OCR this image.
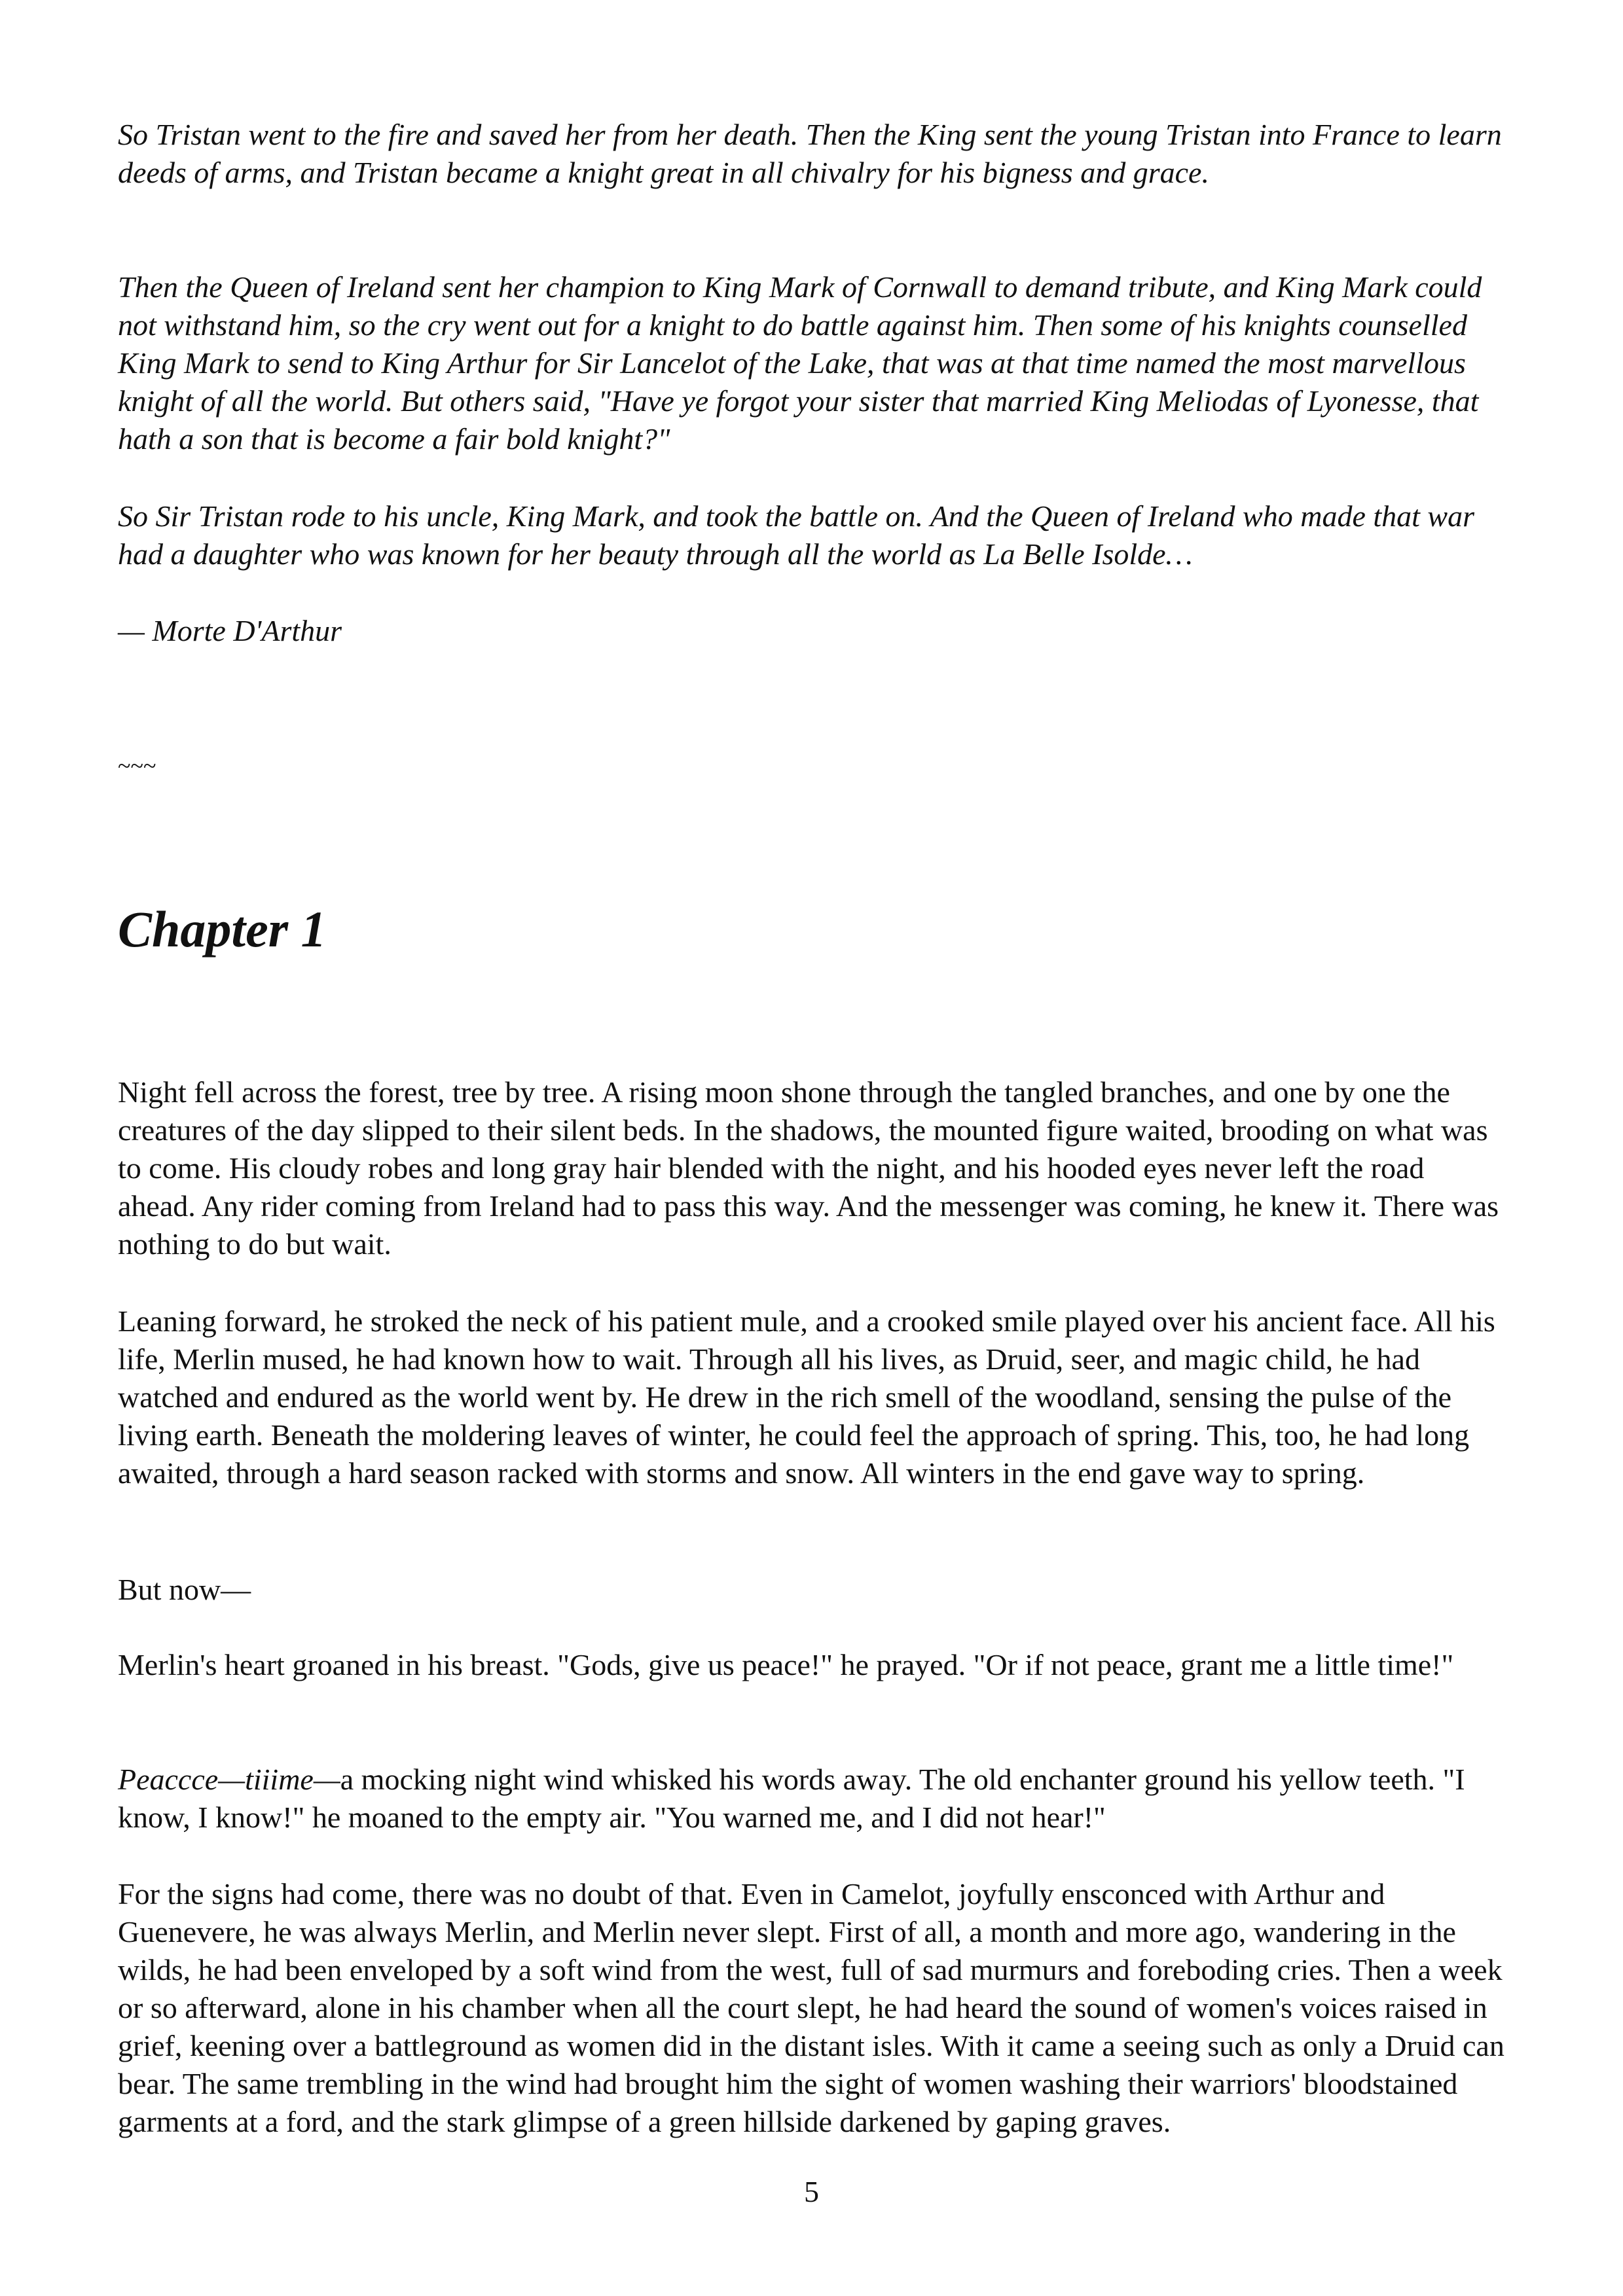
So Tristan went to the fire and saved her from her death. Then the King sent the young Tristan into France to learn deeds of arms, and Tristan became a knight great in all chivalry for his bigness and grace.

Then the Queen of Ireland sent her champion to King Mark of Cornwall to demand tribute, and King Mark could not withstand him, so the cry went out for a knight to do battle against him. Then some of his knights counselled King Mark to send to King Arthur for Sir Lancelot of the Lake, that was at that time named the most marvellous knight of all the world. But others said, "Have ye forgot your sister that married King Meliodas of Lyonesse, that hath a son that is become a fair bold knight?"

So Sir Tristan rode to his uncle, King Mark, and took the battle on. And the Queen of Ireland who made that war had a daughter who was known for her beauty through all the world as La Belle Isolde…

— Morte D'Arthur

~~~

Chapter 1

Night fell across the forest, tree by tree. A rising moon shone through the tangled branches, and one by one the creatures of the day slipped to their silent beds. In the shadows, the mounted figure waited, brooding on what was to come. His cloudy robes and long gray hair blended with the night, and his hooded eyes never left the road ahead. Any rider coming from Ireland had to pass this way. And the messenger was coming, he knew it. There was nothing to do but wait.

Leaning forward, he stroked the neck of his patient mule, and a crooked smile played over his ancient face. All his life, Merlin mused, he had known how to wait. Through all his lives, as Druid, seer, and magic child, he had watched and endured as the world went by. He drew in the rich smell of the woodland, sensing the pulse of the living earth. Beneath the moldering leaves of winter, he could feel the approach of spring. This, too, he had long awaited, through a hard season racked with storms and snow. All winters in the end gave way to spring.

But now—

Merlin's heart groaned in his breast. "Gods, give us peace!" he prayed. "Or if not peace, grant me a little time!"

Peaccce—tiiime—a mocking night wind whisked his words away. The old enchanter ground his yellow teeth. "I know, I know!" he moaned to the empty air. "You warned me, and I did not hear!"

For the signs had come, there was no doubt of that. Even in Camelot, joyfully ensconced with Arthur and Guenevere, he was always Merlin, and Merlin never slept. First of all, a month and more ago, wandering in the wilds, he had been enveloped by a soft wind from the west, full of sad murmurs and foreboding cries. Then a week or so afterward, alone in his chamber when all the court slept, he had heard the sound of women's voices raised in grief, keening over a battleground as women did in the distant isles. With it came a seeing such as only a Druid can bear. The same trembling in the wind had brought him the sight of women washing their warriors' bloodstained garments at a ford, and the stark glimpse of a green hillside darkened by gaping graves.

5
